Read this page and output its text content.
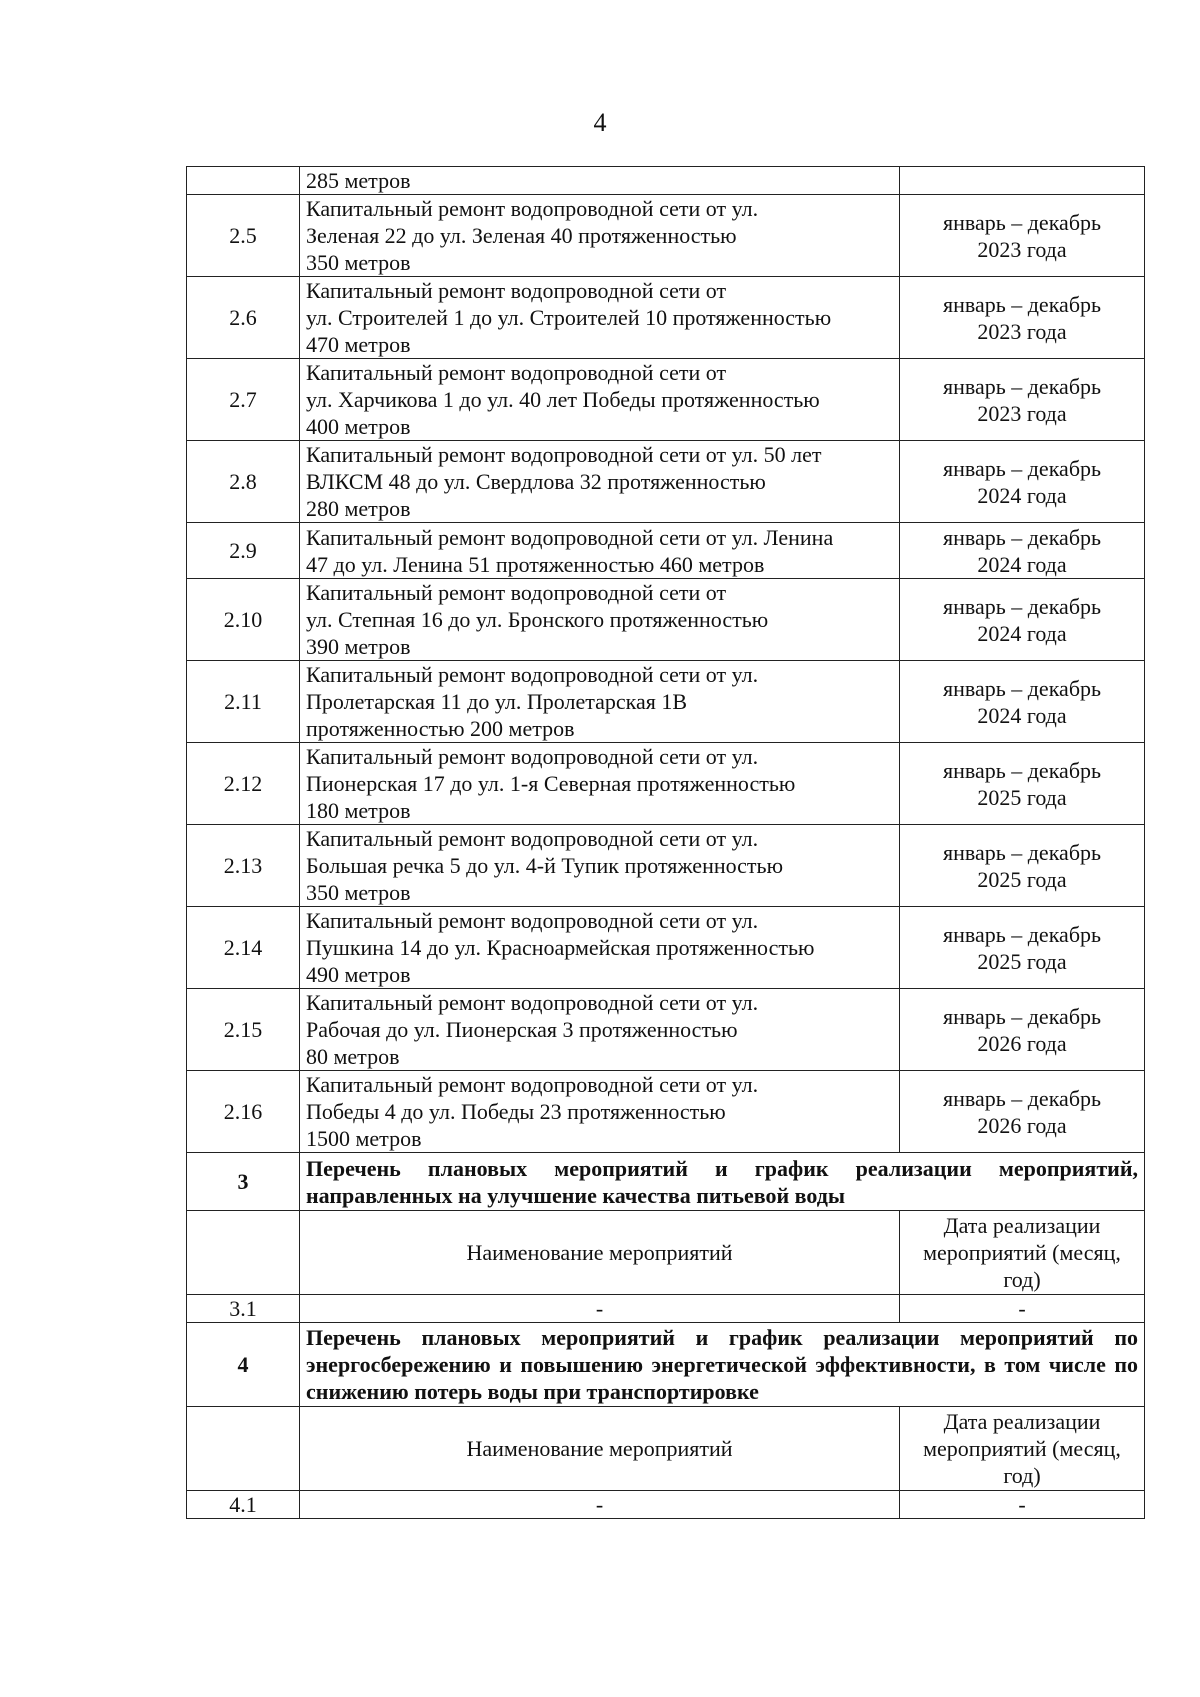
4

	285 метров	

2.5	Капитальный ремонт водопроводной сети от ул.
Зеленая 22 до ул. Зеленая 40 протяженностью
350 метров	январь – декабрь
2023 года

2.6	Капитальный ремонт водопроводной сети от
ул. Строителей 1 до ул. Строителей 10 протяженностью
470 метров	январь – декабрь
2023 года

2.7	Капитальный ремонт водопроводной сети от
ул. Харчикова 1 до ул. 40 лет Победы протяженностью
400 метров	январь – декабрь
2023 года

2.8	Капитальный ремонт водопроводной сети от ул. 50 лет
ВЛКСМ 48 до ул. Свердлова 32 протяженностью
280 метров	январь – декабрь
2024 года

2.9	Капитальный ремонт водопроводной сети от ул. Ленина
47 до ул. Ленина 51 протяженностью 460 метров	январь – декабрь
2024 года

2.10	Капитальный ремонт водопроводной сети от
ул. Степная 16 до ул. Бронского протяженностью
390 метров	январь – декабрь
2024 года

2.11	Капитальный ремонт водопроводной сети от ул.
Пролетарская 11 до ул. Пролетарская 1В
протяженностью 200 метров	январь – декабрь
2024 года

2.12	Капитальный ремонт водопроводной сети от ул.
Пионерская 17 до ул. 1-я Северная протяженностью
180 метров	январь – декабрь
2025 года

2.13	Капитальный ремонт водопроводной сети от ул.
Большая речка 5 до ул. 4-й Тупик протяженностью
350 метров	январь – декабрь
2025 года

2.14	Капитальный ремонт водопроводной сети от ул.
Пушкина 14 до ул. Красноармейская протяженностью
490 метров	январь – декабрь
2025 года

2.15	Капитальный ремонт водопроводной сети от ул.
Рабочая до ул. Пионерская 3 протяженностью
80 метров	январь – декабрь
2026 года

2.16	Капитальный ремонт водопроводной сети от ул.
Победы 4 до ул. Победы 23 протяженностью
1500 метров	январь – декабрь
2026 года

3	Перечень плановых мероприятий и график реализации мероприятий, направленных на улучшение качества питьевой воды	
	Наименование мероприятий	Дата реализации
мероприятий (месяц,
год)

3.1	-	-
4	Перечень плановых мероприятий и график реализации мероприятий по энергосбережению и повышению энергетической эффективности, в том числе по снижению потерь воды при транспортировке	
	Наименование мероприятий	Дата реализации
мероприятий (месяц,
год)

4.1	-	-
